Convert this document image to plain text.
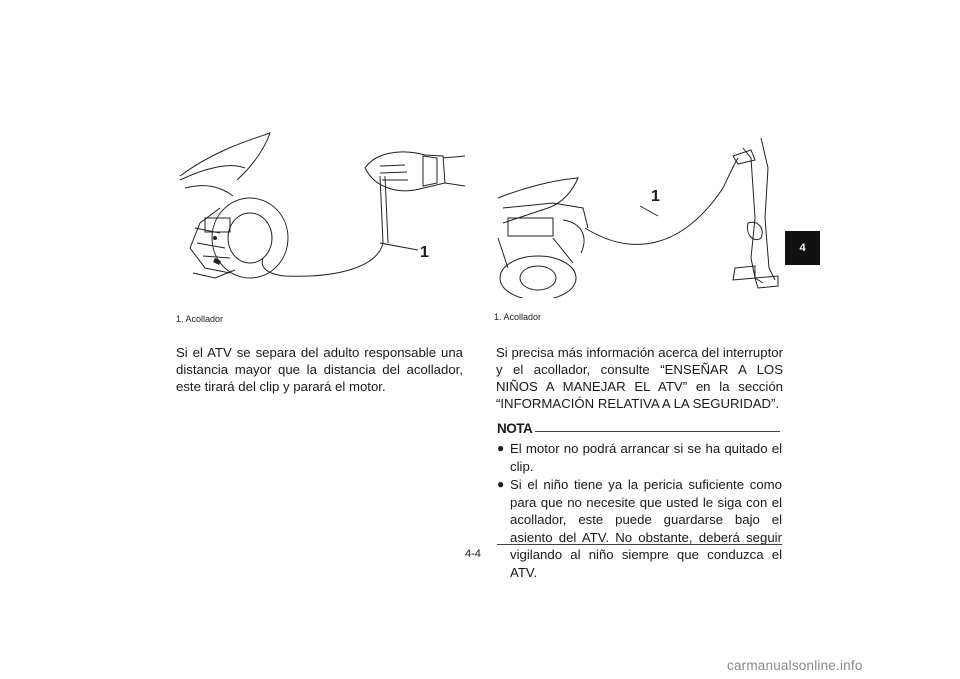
1
1. Acollador
1
1. Acollador
Si el ATV se separa del adulto responsable una distancia mayor que la distancia del acollador, este tirará del clip y parará el motor.
Si precisa más información acerca del interruptor y el acollador, consulte “ENSEÑAR A LOS NIÑOS A MANEJAR EL ATV” en la sección “INFORMACIÓN RELATIVA A LA SEGURIDAD”.
NOTA
● El motor no podrá arrancar si se ha quitado el clip.
● Si el niño tiene ya la pericia suficiente como para que no necesite que usted le siga con el acollador, este puede guardarse bajo el asiento del ATV. No obstante, deberá seguir vigilando al niño siempre que conduzca el ATV.
4
4-4
carmanualsonline.info
